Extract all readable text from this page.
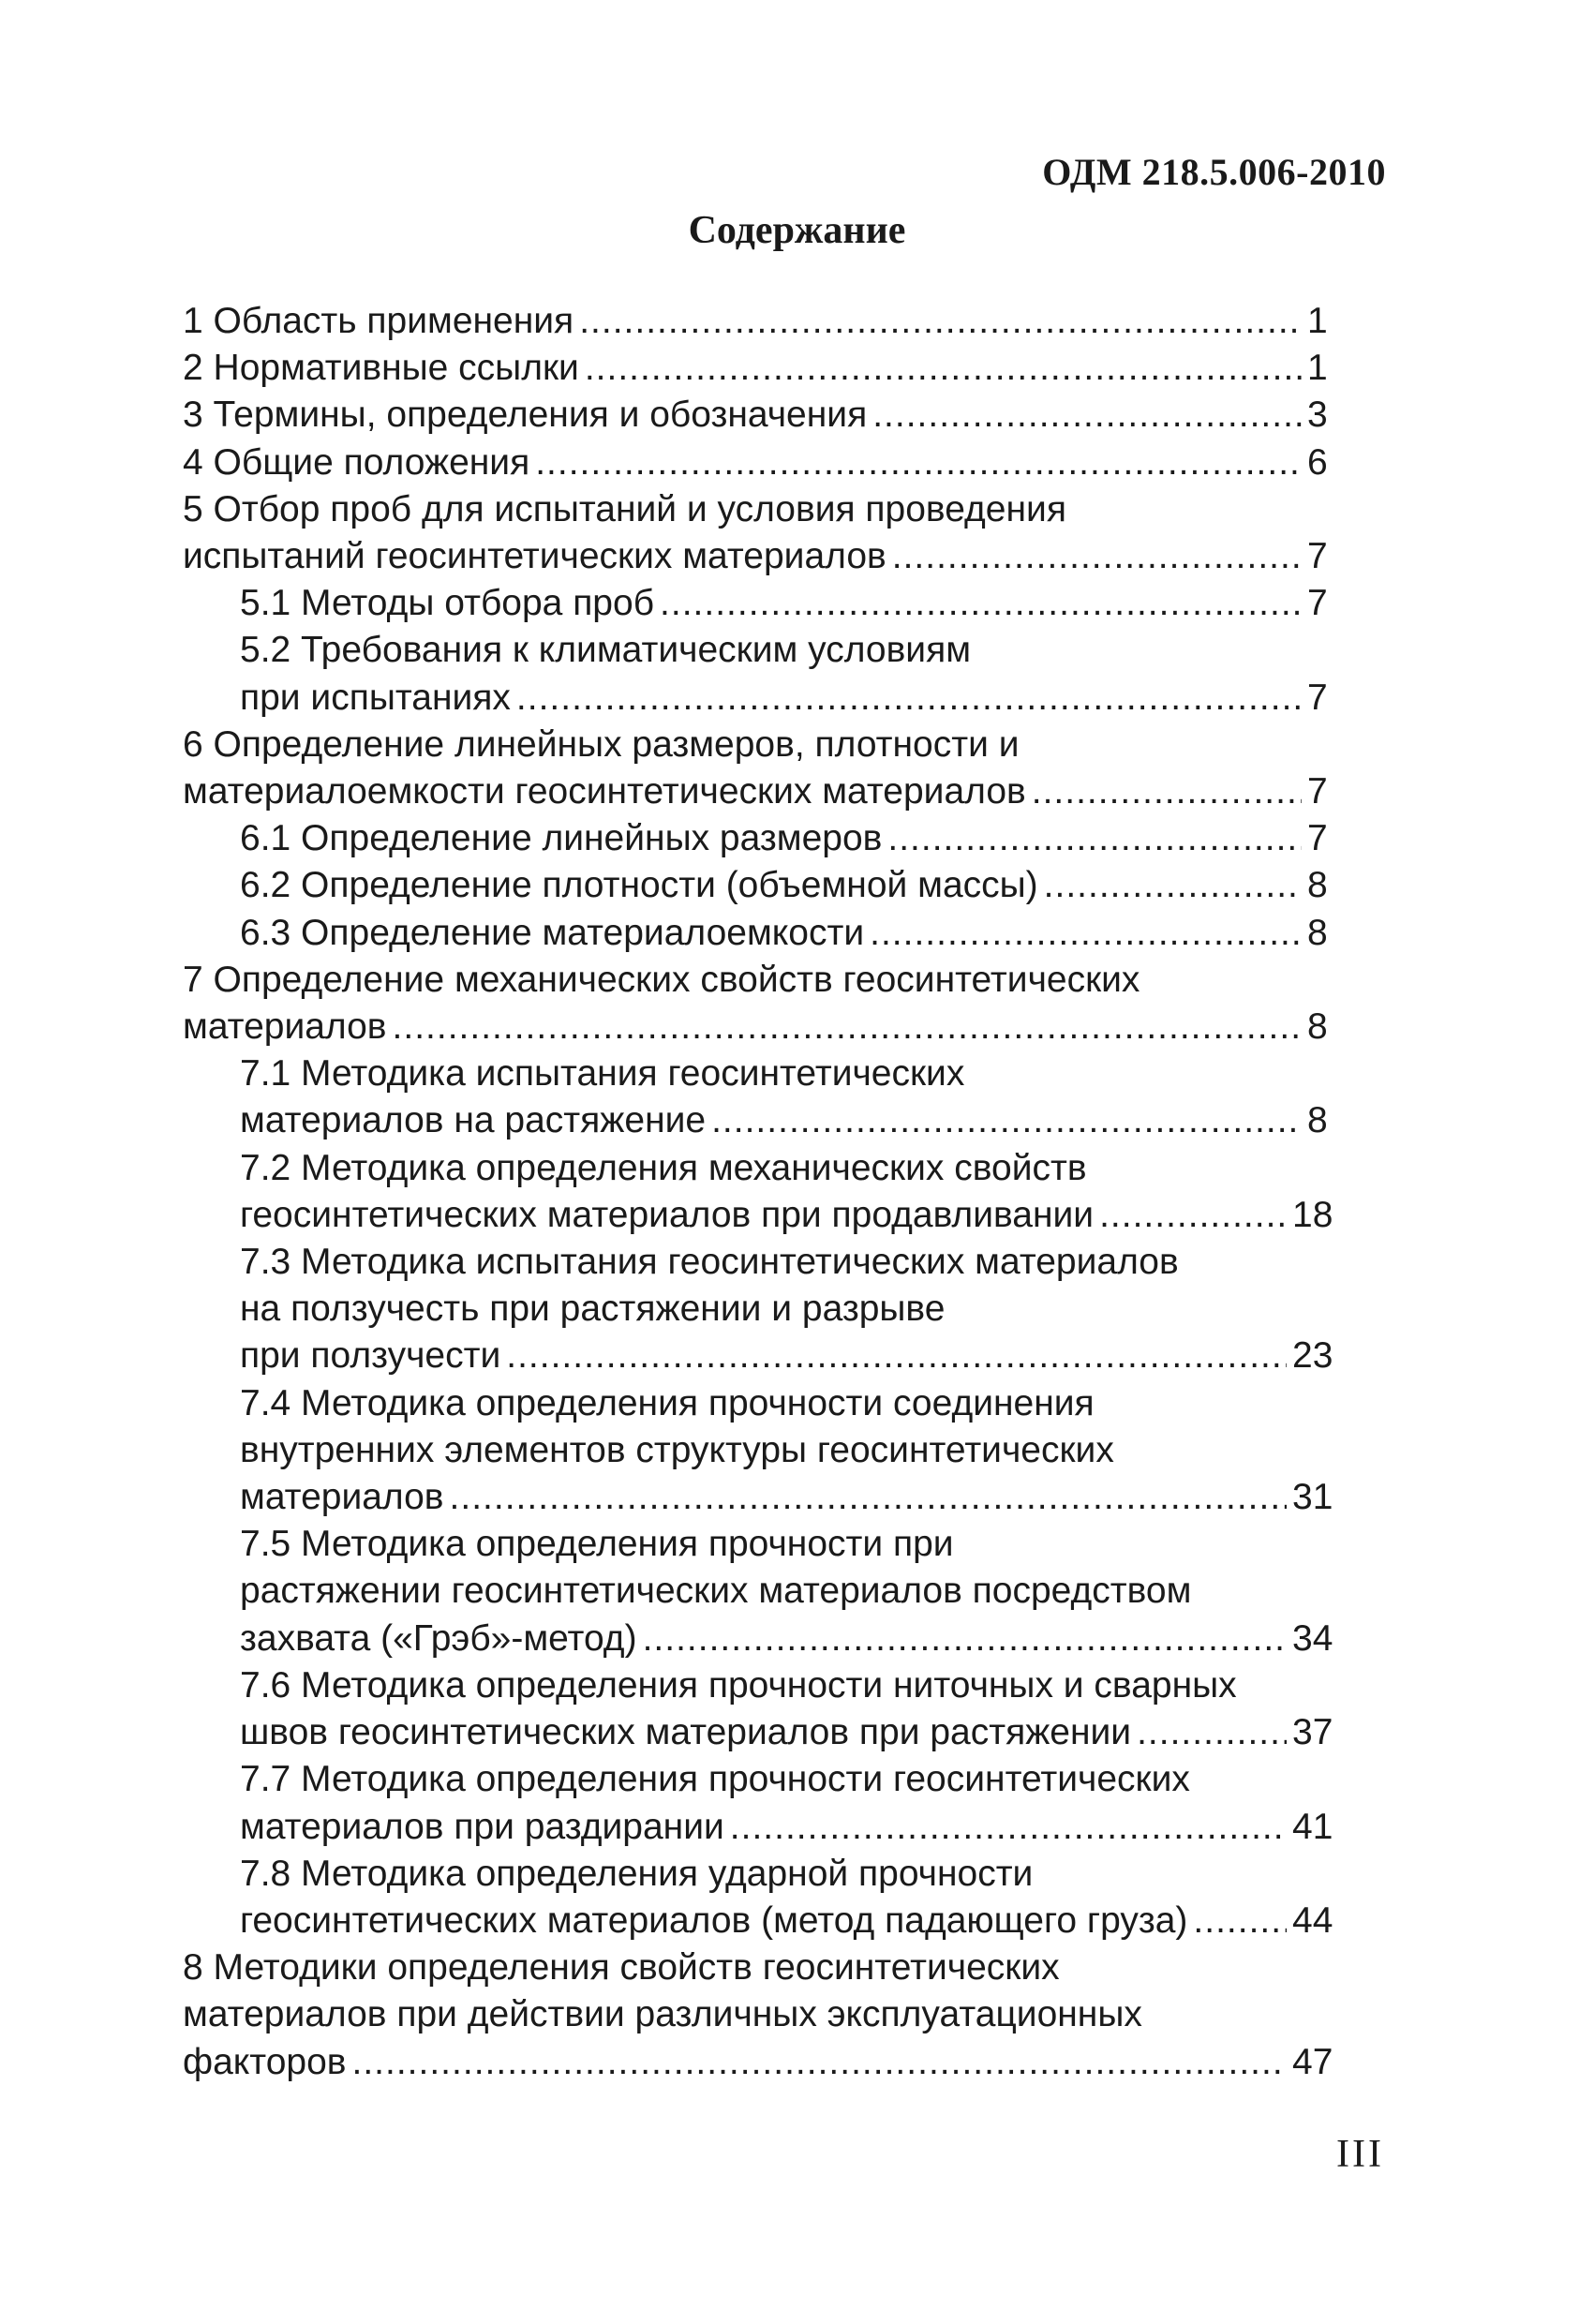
ОДМ 218.5.006-2010
Содержание
1 Область применения .....	1
2 Нормативные ссылки .....	1
3 Термины, определения и обозначения .....	3
4 Общие положения .....	6
5 Отбор проб для испытаний и условия проведения
испытаний геосинтетических материалов .....	7
5.1 Методы отбора проб .....	7
5.2 Требования к климатическим условиям
при испытаниях .....	7
6 Определение линейных размеров, плотности и
материалоемкости геосинтетических материалов .....	7
6.1 Определение линейных размеров .....	7
6.2 Определение плотности (объемной массы) .....	8
6.3 Определение материалоемкости .....	8
7 Определение механических свойств геосинтетических
материалов .....	8
7.1 Методика испытания геосинтетических
материалов на растяжение .....	8
7.2 Методика определения механических свойств
геосинтетических материалов при продавливании .....	18
7.3 Методика испытания геосинтетических материалов
на ползучесть при растяжении и разрыве
при ползучести .....	23
7.4 Методика определения прочности соединения
внутренних элементов структуры геосинтетических
материалов .....	31
7.5 Методика определения прочности при
растяжении геосинтетических материалов посредством
захвата («Грэб»-метод) .....	34
7.6 Методика определения прочности ниточных и сварных
швов геосинтетических материалов при растяжении .....	37
7.7 Методика определения прочности геосинтетических
материалов при раздирании .....	41
7.8 Методика определения ударной прочности
геосинтетических материалов (метод падающего груза) .....	44
8 Методики определения свойств геосинтетических
материалов при действии различных эксплуатационных
факторов .....	47
III
